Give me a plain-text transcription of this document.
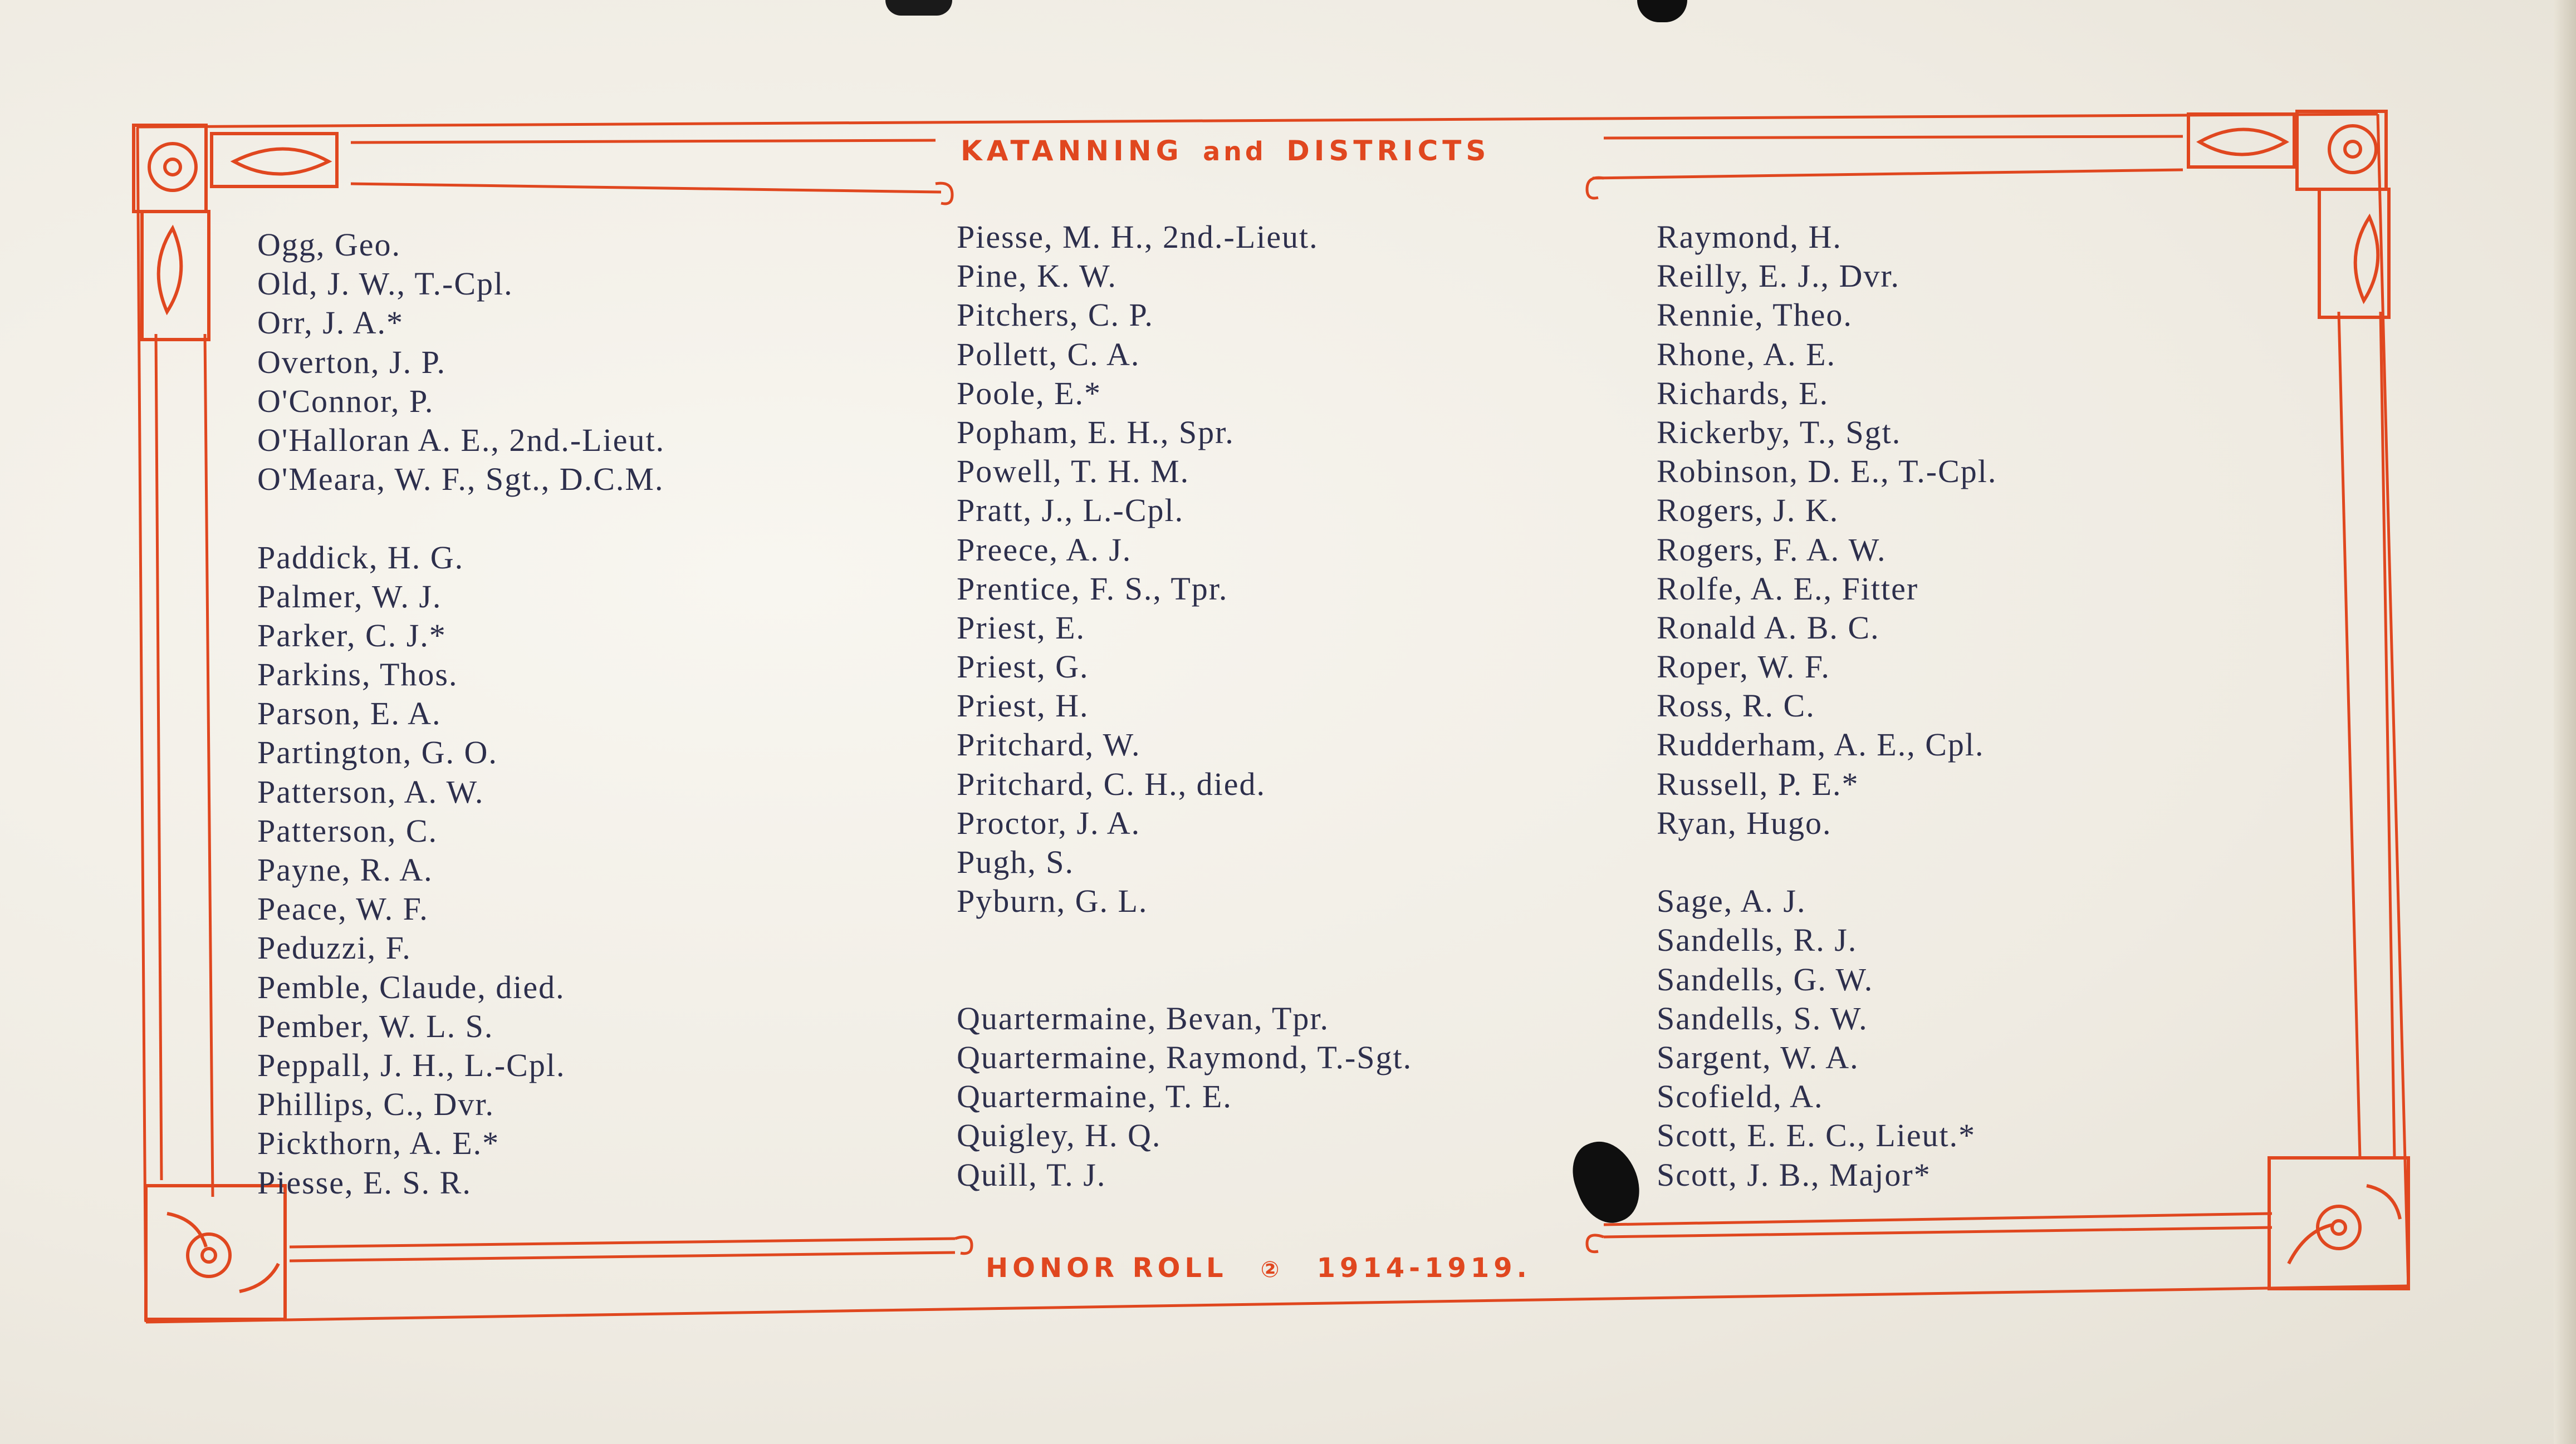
KATANNING and DISTRICTS
Ogg, Geo.
Old, J. W., T.-Cpl.
Orr, J. A.*
Overton, J. P.
O'Connor, P.
O'Halloran A. E., 2nd.-Lieut.
O'Meara, W. F., Sgt., D.C.M.
Paddick, H. G.
Palmer, W. J.
Parker, C. J.*
Parkins, Thos.
Parson, E. A.
Partington, G. O.
Patterson, A. W.
Patterson, C.
Payne, R. A.
Peace, W. F.
Peduzzi, F.
Pemble, Claude, died.
Pember, W. L. S.
Peppall, J. H., L.-Cpl.
Phillips, C., Dvr.
Pickthorn, A. E.*
Piesse, E. S. R.
Piesse, M. H., 2nd.-Lieut.
Pine, K. W.
Pitchers, C. P.
Pollett, C. A.
Poole, E.*
Popham, E. H., Spr.
Powell, T. H. M.
Pratt, J., L.-Cpl.
Preece, A. J.
Prentice, F. S., Tpr.
Priest, E.
Priest, G.
Priest, H.
Pritchard, W.
Pritchard, C. H., died.
Proctor, J. A.
Pugh, S.
Pyburn, G. L.
Quartermaine, Bevan, Tpr.
Quartermaine, Raymond, T.-Sgt.
Quartermaine, T. E.
Quigley, H. Q.
Quill, T. J.
Raymond, H.
Reilly, E. J., Dvr.
Rennie, Theo.
Rhone, A. E.
Richards, E.
Rickerby, T., Sgt.
Robinson, D. E., T.-Cpl.
Rogers, J. K.
Rogers, F. A. W.
Rolfe, A. E., Fitter
Ronald A. B. C.
Roper, W. F.
Ross, R. C.
Rudderham, A. E., Cpl.
Russell, P. E.*
Ryan, Hugo.
Sage, A. J.
Sandells, R. J.
Sandells, G. W.
Sandells, S. W.
Sargent, W. A.
Scofield, A.
Scott, E. E. C., Lieut.*
Scott, J. B., Major*
HONOR ROLL ② 1914-1919.
